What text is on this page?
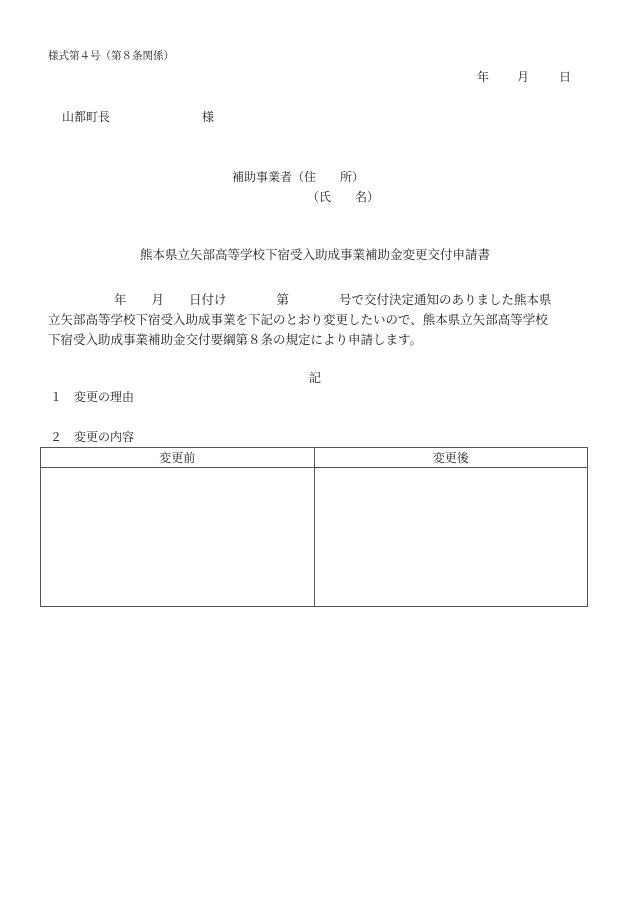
様式第４号（第８条関係）
年 月	日
山都町長	様
補助事業者（住　　所）
（氏　　名）
熊本県立矢部高等学校下宿受入助成事業補助金変更交付申請書
年　　月　　日付け　　　　第　　　　号で交付決定通知のありました熊本県
立矢部高等学校下宿受入助成事業を下記のとおり変更したいので、熊本県立矢部高等学校
下宿受入助成事業補助金交付要綱第８条の規定により申請します。
記
１ 変更の理由
２ 変更の内容
変更前	変更後
